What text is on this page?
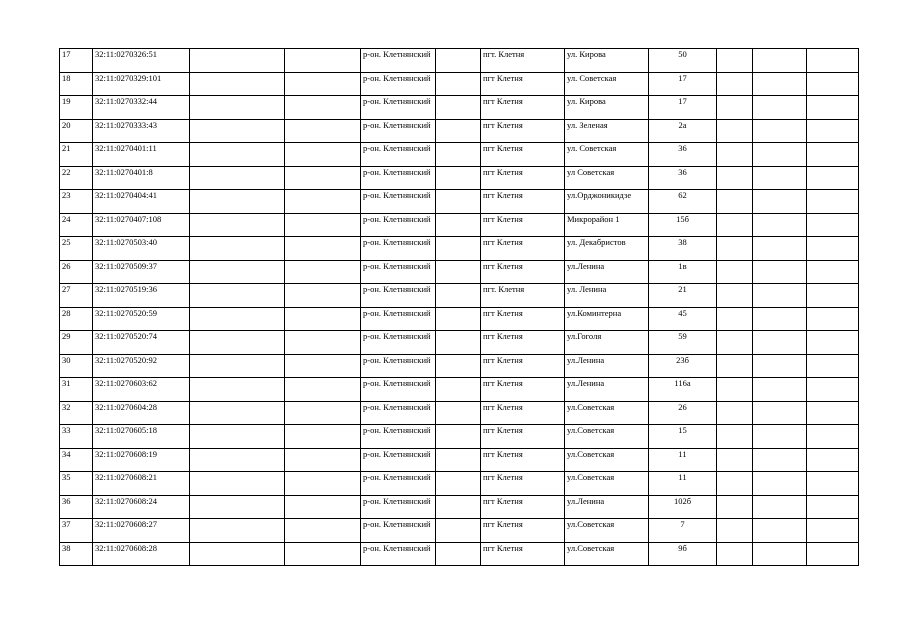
17	32:11:0270326:51			р-он. Клетнянский		пгт. Клетня	ул. Кирова	50			
18	32:11:0270329:101			р-он. Клетнянский		пгт Клетня	ул. Советская	17			
19	32:11:0270332:44			р-он. Клетнянский		пгт Клетня	ул. Кирова	17			
20	32:11:0270333:43			р-он. Клетнянский		пгт Клетня	ул. Зеленая	2а			
21	32:11:0270401:11			р-он. Клетнянский		пгт Клетня	ул. Советская	36			
22	32:11:0270401:8			р-он. Клетнянский		пгт Клетня	ул Советская	36			
23	32:11:0270404:41			р-он. Клетнянский		пгт Клетня	ул.Орджоникидзе	62			
24	32:11:0270407:108			р-он. Клетнянский		пгт Клетня	Микрорайон 1	15б			
25	32:11:0270503:40			р-он. Клетнянский		пгт Клетня	ул. Декабристов	38			
26	32:11:0270509:37			р-он. Клетнянский		пгт Клетня	ул.Ленина	1в			
27	32:11:0270519:36			р-он. Клетнянский		пгт. Клетня	ул. Ленина	21			
28	32:11:0270520:59			р-он. Клетнянский		пгт Клетня	ул.Коминтерна	45			
29	32:11:0270520:74			р-он. Клетнянский		пгт Клетня	ул.Гоголя	59			
30	32:11:0270520:92			р-он. Клетнянский		пгт Клетня	ул.Ленина	23б			
31	32:11:0270603:62			р-он. Клетнянский		пгт Клетня	ул.Ленина	116а			
32	32:11:0270604:28			р-он. Клетнянский		пгт Клетня	ул.Советская	26			
33	32:11:0270605:18			р-он. Клетнянский		пгт Клетня	ул.Советская	15			
34	32:11:0270608:19			р-он. Клетнянский		пгт Клетня	ул.Советская	11			
35	32:11:0270608:21			р-он. Клетнянский		пгт Клетня	ул.Советская	11			
36	32:11:0270608:24			р-он. Клетнянский		пгт Клетня	ул.Ленина	102б			
37	32:11:0270608:27			р-он. Клетнянский		пгт Клетня	ул.Советская	7			
38	32:11:0270608:28			р-он. Клетнянский		пгт Клетня	ул.Советская	9б			
